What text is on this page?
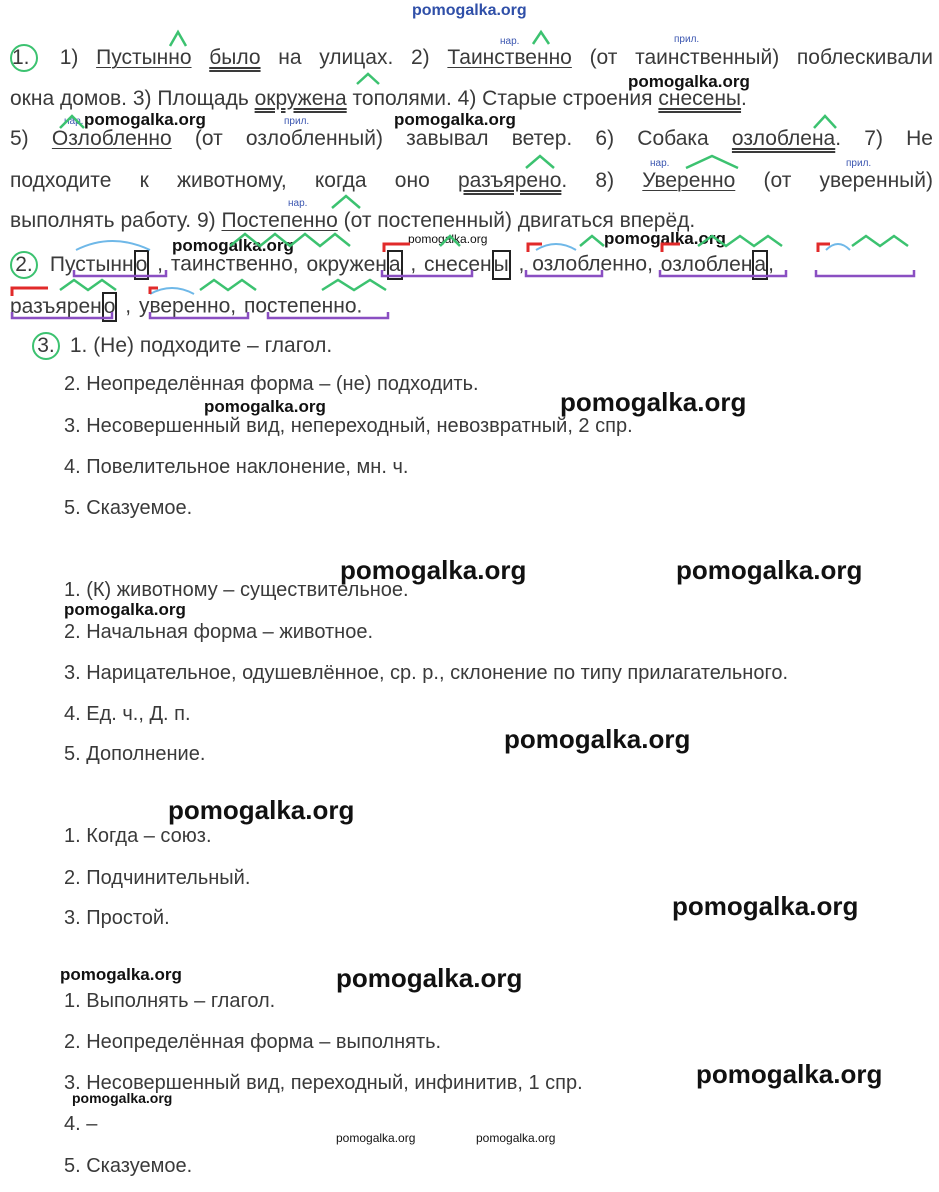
pomogalka.org
pomogalka.org
pomogalka.org	pomogalka.org
pomogalka.org	pomogalka.org	pomogalka.org
pomogalka.org	pomogalka.org
pomogalka.org	pomogalka.org
pomogalka.org
pomogalka.org
pomogalka.org
pomogalka.org
pomogalka.org	pomogalka.org
pomogalka.org
pomogalka.org
pomogalka.org	pomogalka.org
нар.	прил.
нар.	прил.
нар.
прил.
нар.
1. 1) Пустынно было на улицах. 2) Таинственно (от таинственный) поблескивали
окна домов. 3) Площадь окружена тополями. 4) Старые строения снесены.
5) Озлобленно (от озлобленный) завывал ветер. 6) Собака озлоблена. 7) Не
подходите к животному, когда оно разъярено. 8) Уверенно (от уверенный)
выполнять работу. 9) Постепенно (от постепенный) двигаться вперёд.
2. Пустынно , таинственно, окружена , снесены , озлобленно, озлоблена,
разъярено , уверенно, постепенно.
3. 1. (Не) подходите – глагол.
2. Неопределённая форма – (не) подходить.
3. Несовершенный вид, непереходный, невозвратный, 2 спр.
4. Повелительное наклонение, мн. ч.
5. Сказуемое.
1. (К) животному – существительное.
2. Начальная форма – животное.
3. Нарицательное, одушевлённое, ср. р., склонение по типу прилагательного.
4. Ед. ч., Д. п.
5. Дополнение.
1. Когда – союз.
2. Подчинительный.
3. Простой.
1. Выполнять – глагол.
2. Неопределённая форма – выполнять.
3. Несовершенный вид, переходный, инфинитив, 1 спр.
4. –
5. Сказуемое.
